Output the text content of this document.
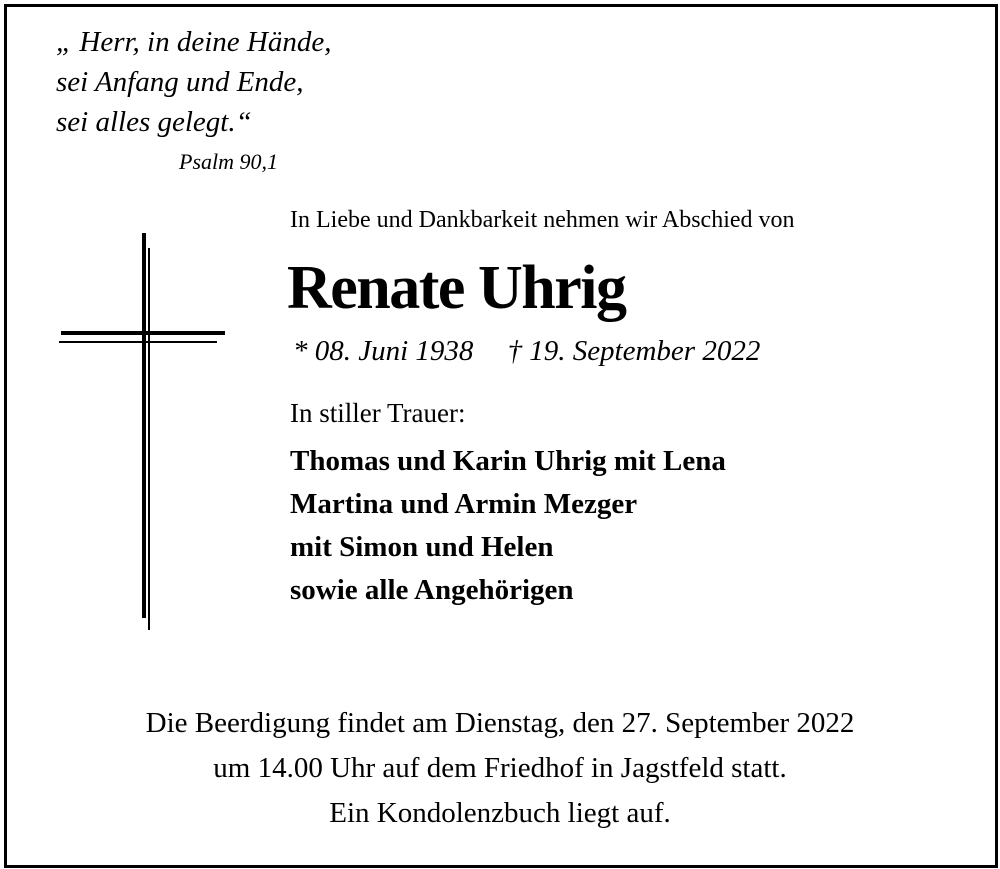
„ Herr, in deine Hände,
sei Anfang und Ende,
sei alles gelegt.“
Psalm 90,1
In Liebe und Dankbarkeit nehmen wir Abschied von
Renate Uhrig
* 08. Juni 1938 † 19. September 2022
In stiller Trauer:
Thomas und Karin Uhrig mit Lena
Martina und Armin Mezger
mit Simon und Helen
sowie alle Angehörigen
Die Beerdigung findet am Dienstag, den 27. September 2022
um 14.00 Uhr auf dem Friedhof in Jagstfeld statt.
Ein Kondolenzbuch liegt auf.
